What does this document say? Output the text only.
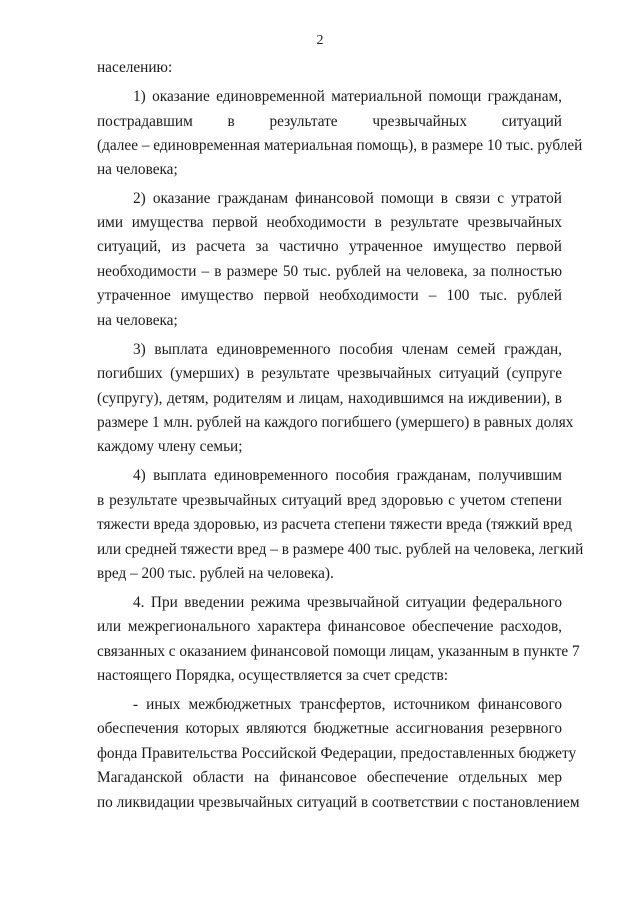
2
населению:
1) оказание единовременной материальной помощи гражданам,
пострадавшим в результате чрезвычайных ситуаций
(далее – единовременная материальная помощь), в размере 10 тыс. рублей
на человека;
2) оказание гражданам финансовой помощи в связи с утратой
ими имущества первой необходимости в результате чрезвычайных
ситуаций, из расчета за частично утраченное имущество первой
необходимости – в размере 50 тыс. рублей на человека, за полностью
утраченное имущество первой необходимости – 100 тыс. рублей
на человека;
3) выплата единовременного пособия членам семей граждан,
погибших (умерших) в результате чрезвычайных ситуаций (супруге
(супругу), детям, родителям и лицам, находившимся на иждивении), в
размере 1 млн. рублей на каждого погибшего (умершего) в равных долях
каждому члену семьи;
4) выплата единовременного пособия гражданам, получившим
в результате чрезвычайных ситуаций вред здоровью с учетом степени
тяжести вреда здоровью, из расчета степени тяжести вреда (тяжкий вред
или средней тяжести вред – в размере 400 тыс. рублей на человека, легкий
вред – 200 тыс. рублей на человека).
4. При введении режима чрезвычайной ситуации федерального
или межрегионального характера финансовое обеспечение расходов,
связанных с оказанием финансовой помощи лицам, указанным в пункте 7
настоящего Порядка, осуществляется за счет средств:
- иных межбюджетных трансфертов, источником финансового
обеспечения которых являются бюджетные ассигнования резервного
фонда Правительства Российской Федерации, предоставленных бюджету
Магаданской области на финансовое обеспечение отдельных мер
по ликвидации чрезвычайных ситуаций в соответствии с постановлением
